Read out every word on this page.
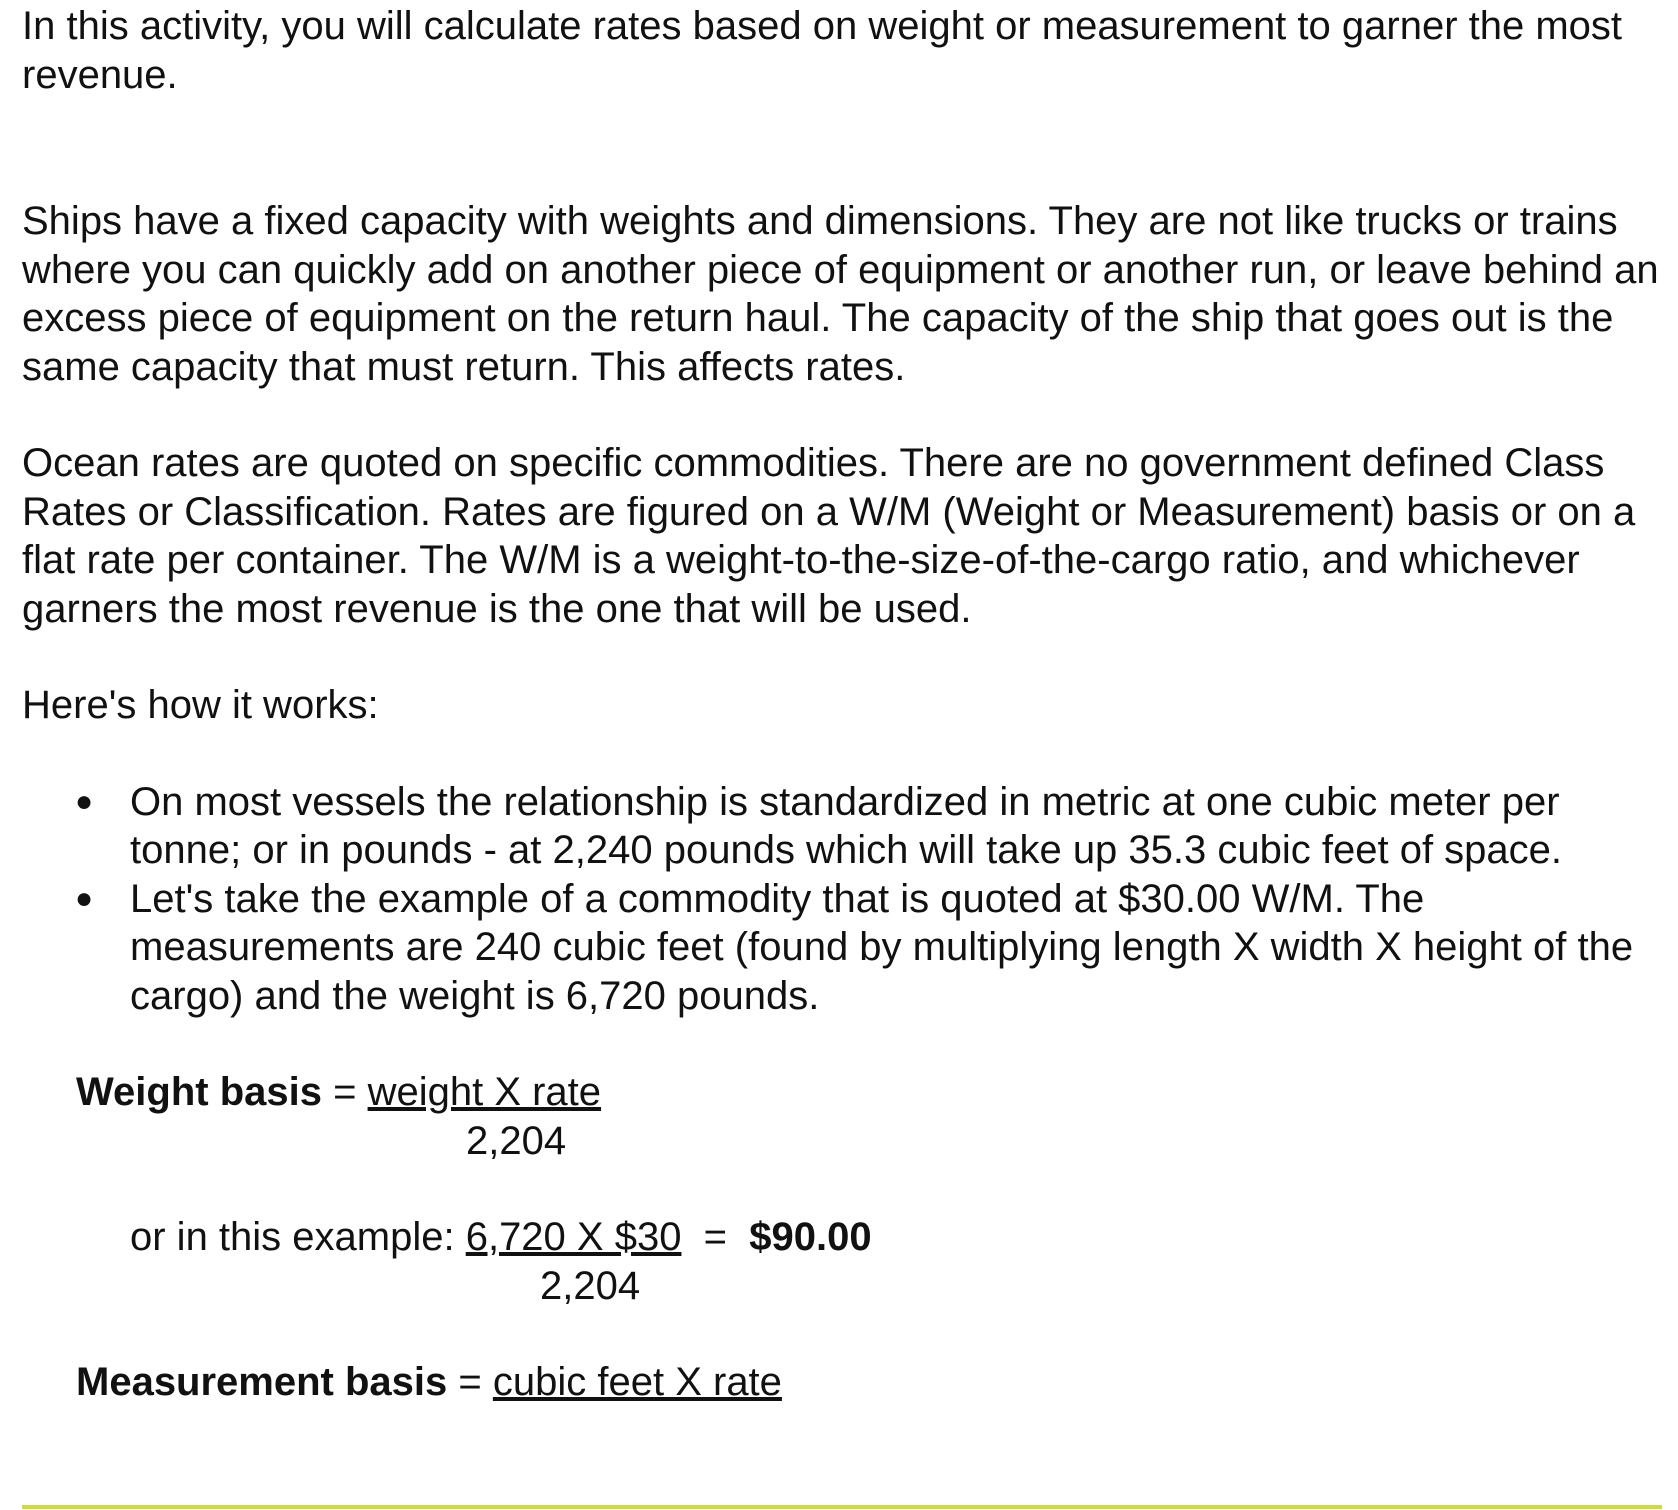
In this activity, you will calculate rates based on weight or measurement to garner the most revenue.

Ships have a fixed capacity with weights and dimensions. They are not like trucks or trains where you can quickly add on another piece of equipment or another run, or leave behind an excess piece of equipment on the return haul. The capacity of the ship that goes out is the same capacity that must return. This affects rates.

Ocean rates are quoted on specific commodities. There are no government defined Class Rates or Classification. Rates are figured on a W/M (Weight or Measurement) basis or on a flat rate per container. The W/M is a weight-to-the-size-of-the-cargo ratio, and whichever garners the most revenue is the one that will be used.

Here's how it works:

● On most vessels the relationship is standardized in metric at one cubic meter per tonne; or in pounds - at 2,240 pounds which will take up 35.3 cubic feet of space.
● Let's take the example of a commodity that is quoted at $30.00 W/M. The measurements are 240 cubic feet (found by multiplying length X width X height of the cargo) and the weight is 6,720 pounds.
Weight basis = weight X rate
2,204
or in this example: 6,720 X $30  =  $90.00
2,204
Measurement basis = cubic feet X rate
